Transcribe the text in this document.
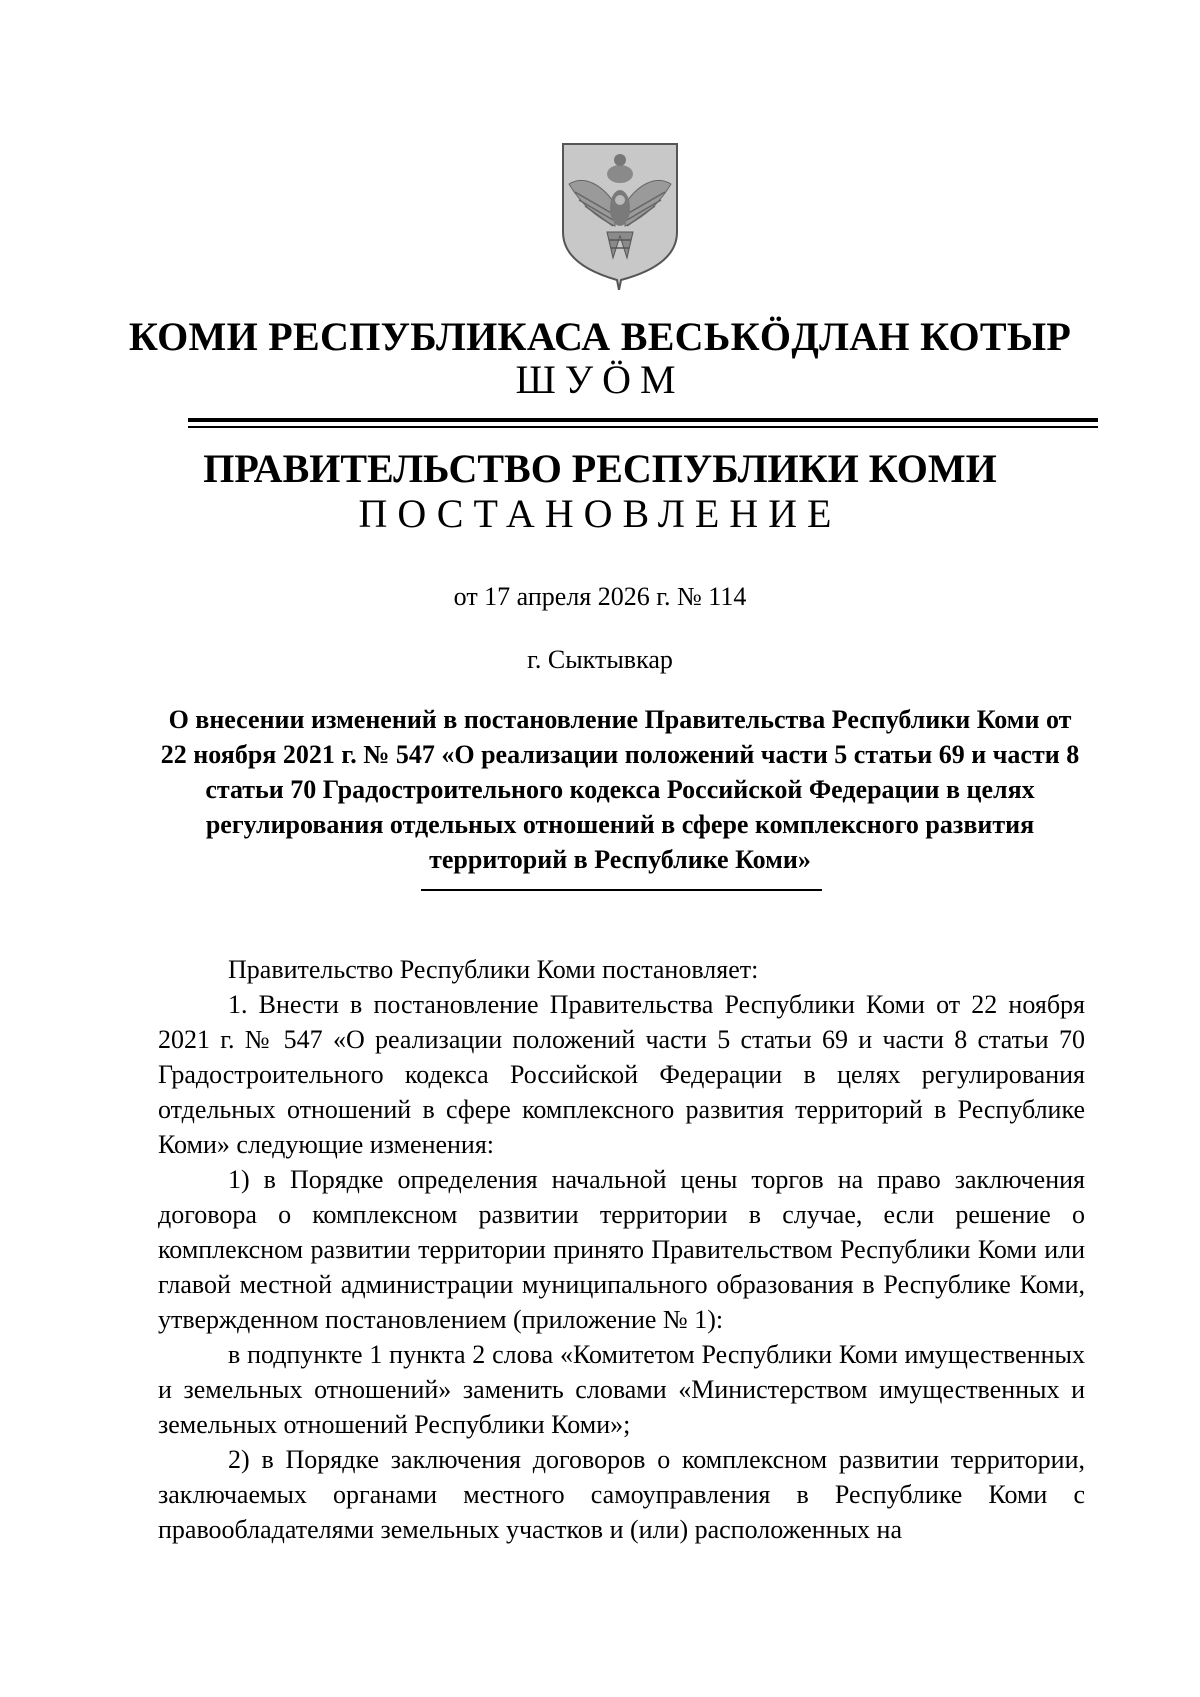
КОМИ РЕСПУБЛИКАСА ВЕСЬКӦДЛАН КОТЫР
ШУӦМ
ПРАВИТЕЛЬСТВО РЕСПУБЛИКИ КОМИ
ПОСТАНОВЛЕНИЕ
от 17 апреля 2026 г. № 114
г. Сыктывкар
О внесении изменений в постановление Правительства Республики Коми от 22 ноября 2021 г. № 547 «О реализации положений части 5 статьи 69 и части 8 статьи 70 Градостроительного кодекса Российской Федерации в целях регулирования отдельных отношений в сфере комплексного развития территорий в Республике Коми»

Правительство Республики Коми постановляет:

1. Внести в постановление Правительства Республики Коми от 22 ноября 2021 г. № 547 «О реализации положений части 5 статьи 69 и части 8 статьи 70 Градостроительного кодекса Российской Федерации в целях регулирования отдельных отношений в сфере комплексного развития территорий в Республике Коми» следующие изменения:

1) в Порядке определения начальной цены торгов на право заключения договора о комплексном развитии территории в случае, если решение о комплексном развитии территории принято Правительством Республики Коми или главой местной администрации муниципального образования в Республике Коми, утвержденном постановлением (приложение № 1):

в подпункте 1 пункта 2 слова «Комитетом Республики Коми имущественных и земельных отношений» заменить словами «Министерством имущественных и земельных отношений Республики Коми»;

2) в Порядке заключения договоров о комплексном развитии территории, заключаемых органами местного самоуправления в Республике Коми с правообладателями земельных участков и (или) расположенных на
